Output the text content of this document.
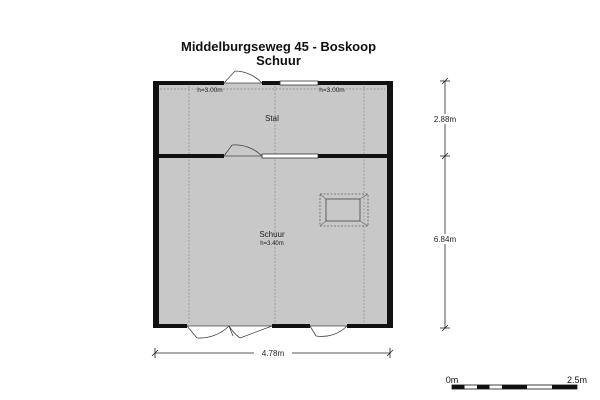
Middelburgseweg 45 - Boskoop
Schuur
h=3.00m	h=3.00m
Stal
Schuur
h=3.40m
2.88m
6.84m
4.78m
0m	2.5m
